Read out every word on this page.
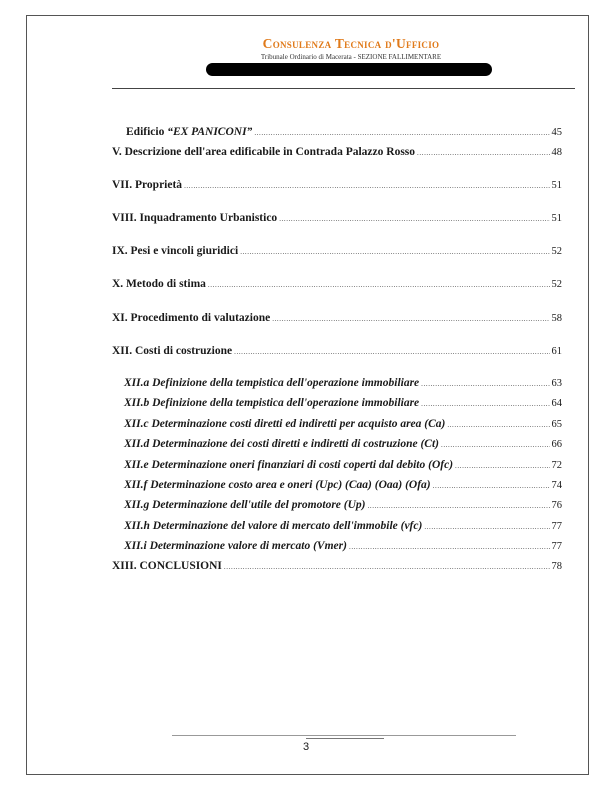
Consulenza Tecnica d'Ufficio
Tribunale Ordinario di Macerata - SEZIONE FALLIMENTARE
Edificio “EX PANICONI” .....	45
V. Descrizione dell'area edificabile in Contrada Palazzo Rosso .....	48
VII. Proprietà .....	51
VIII. Inquadramento Urbanistico .....	51
IX. Pesi e vincoli giuridici .....	52
X. Metodo di stima .....	52
XI. Procedimento di valutazione .....	58
XII. Costi di costruzione .....	61
XII.a Definizione della tempistica dell'operazione immobiliare .....	63
XII.b Definizione della tempistica dell'operazione immobiliare .....	64
XII.c Determinazione costi diretti ed indiretti per acquisto area (Ca) .....	65
XII.d Determinazione dei costi diretti e indiretti di costruzione (Ct) .....	66
XII.e Determinazione oneri finanziari di costi coperti dal debito (Ofc) .....	72
XII.f Determinazione costo area e oneri (Upc) (Caa) (Oaa) (Ofa) .....	74
XII.g Determinazione dell'utile del promotore (Up) .....	76
XII.h Determinazione del valore di mercato dell'immobile (vfc) .....	77
XII.i Determinazione valore di mercato (Vmer) .....	77
XIII. CONCLUSIONI .....	78
3
